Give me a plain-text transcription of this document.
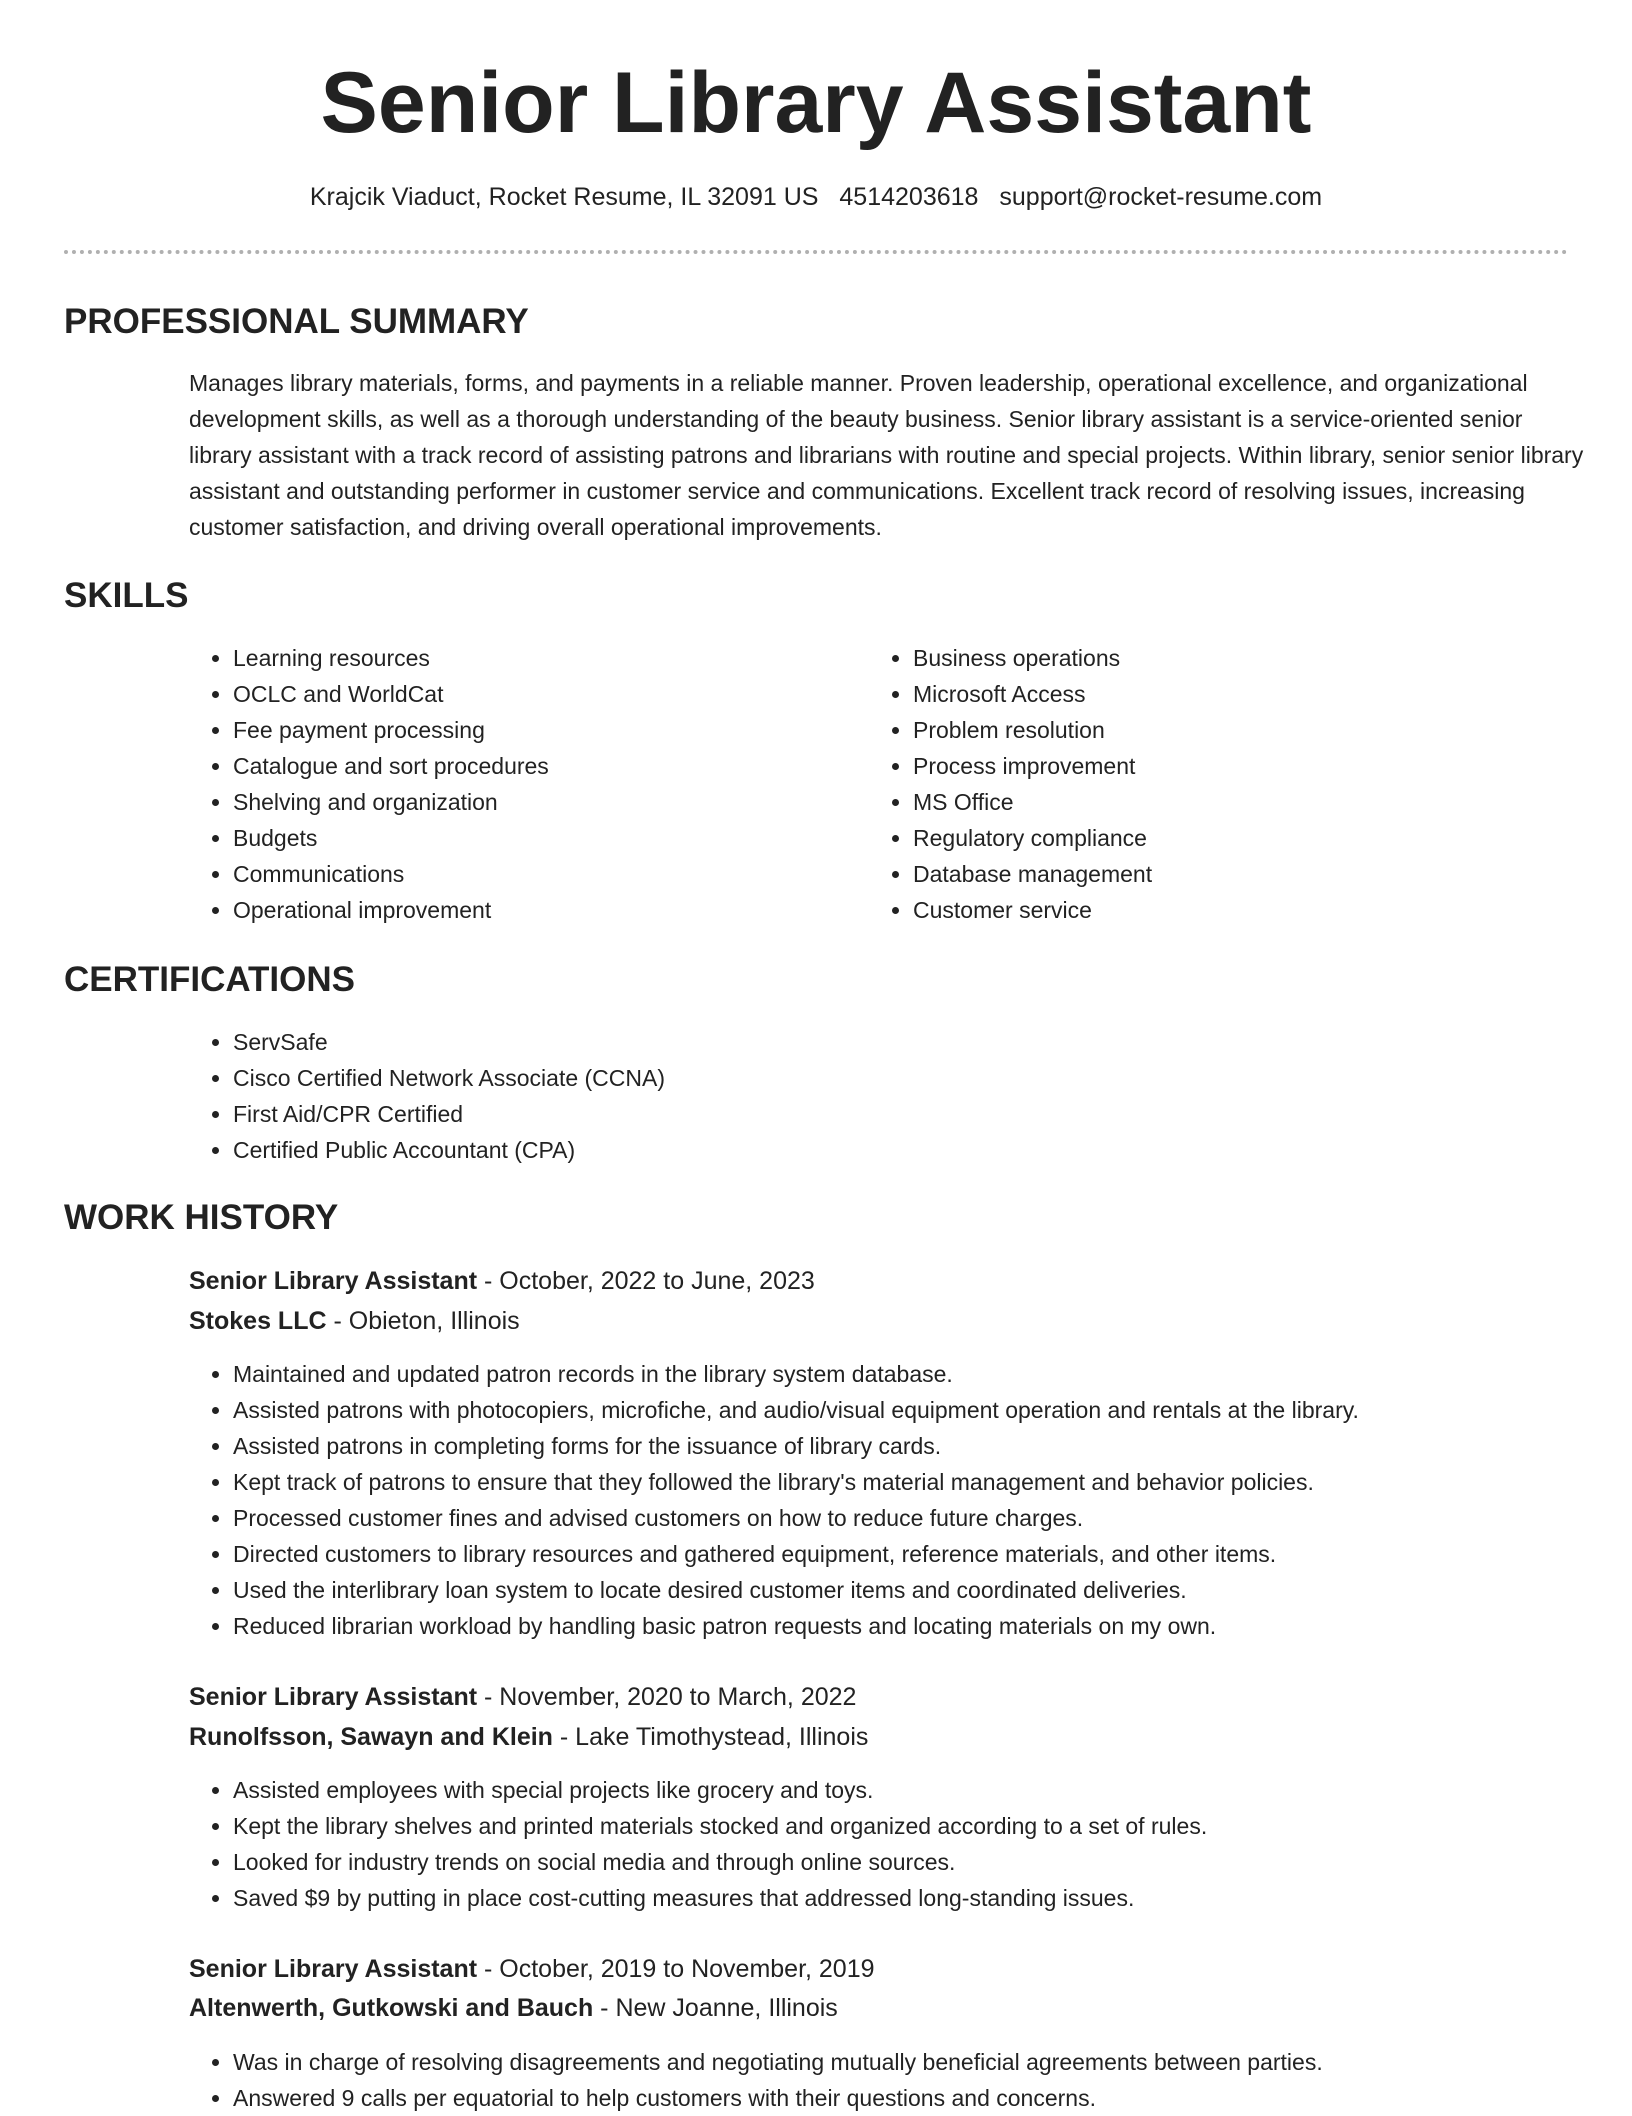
Senior Library Assistant
Krajcik Viaduct, Rocket Resume, IL 32091 US 4514203618 support@rocket-resume.com
PROFESSIONAL SUMMARY

Manages library materials, forms, and payments in a reliable manner. Proven leadership, operational excellence, and organizational development skills, as well as a thorough understanding of the beauty business. Senior library assistant is a service-oriented senior library assistant with a track record of assisting patrons and librarians with routine and special projects. Within library, senior senior library assistant and outstanding performer in customer service and communications. Excellent track record of resolving issues, increasing customer satisfaction, and driving overall operational improvements.

SKILLS
• Learning resources
• OCLC and WorldCat
• Fee payment processing
• Catalogue and sort procedures
• Shelving and organization
• Budgets
• Communications
• Operational improvement
• Business operations
• Microsoft Access
• Problem resolution
• Process improvement
• MS Office
• Regulatory compliance
• Database management
• Customer service
CERTIFICATIONS
• ServSafe
• Cisco Certified Network Associate (CCNA)
• First Aid/CPR Certified
• Certified Public Accountant (CPA)
WORK HISTORY
Senior Library Assistant - October, 2022 to June, 2023
Stokes LLC - Obieton, Illinois
• Maintained and updated patron records in the library system database.
• Assisted patrons with photocopiers, microfiche, and audio/visual equipment operation and rentals at the library.
• Assisted patrons in completing forms for the issuance of library cards.
• Kept track of patrons to ensure that they followed the library's material management and behavior policies.
• Processed customer fines and advised customers on how to reduce future charges.
• Directed customers to library resources and gathered equipment, reference materials, and other items.
• Used the interlibrary loan system to locate desired customer items and coordinated deliveries.
• Reduced librarian workload by handling basic patron requests and locating materials on my own.
Senior Library Assistant - November, 2020 to March, 2022
Runolfsson, Sawayn and Klein - Lake Timothystead, Illinois
• Assisted employees with special projects like grocery and toys.
• Kept the library shelves and printed materials stocked and organized according to a set of rules.
• Looked for industry trends on social media and through online sources.
• Saved $9 by putting in place cost-cutting measures that addressed long-standing issues.
Senior Library Assistant - October, 2019 to November, 2019
Altenwerth, Gutkowski and Bauch - New Joanne, Illinois
• Was in charge of resolving disagreements and negotiating mutually beneficial agreements between parties.
• Answered 9 calls per equatorial to help customers with their questions and concerns.
